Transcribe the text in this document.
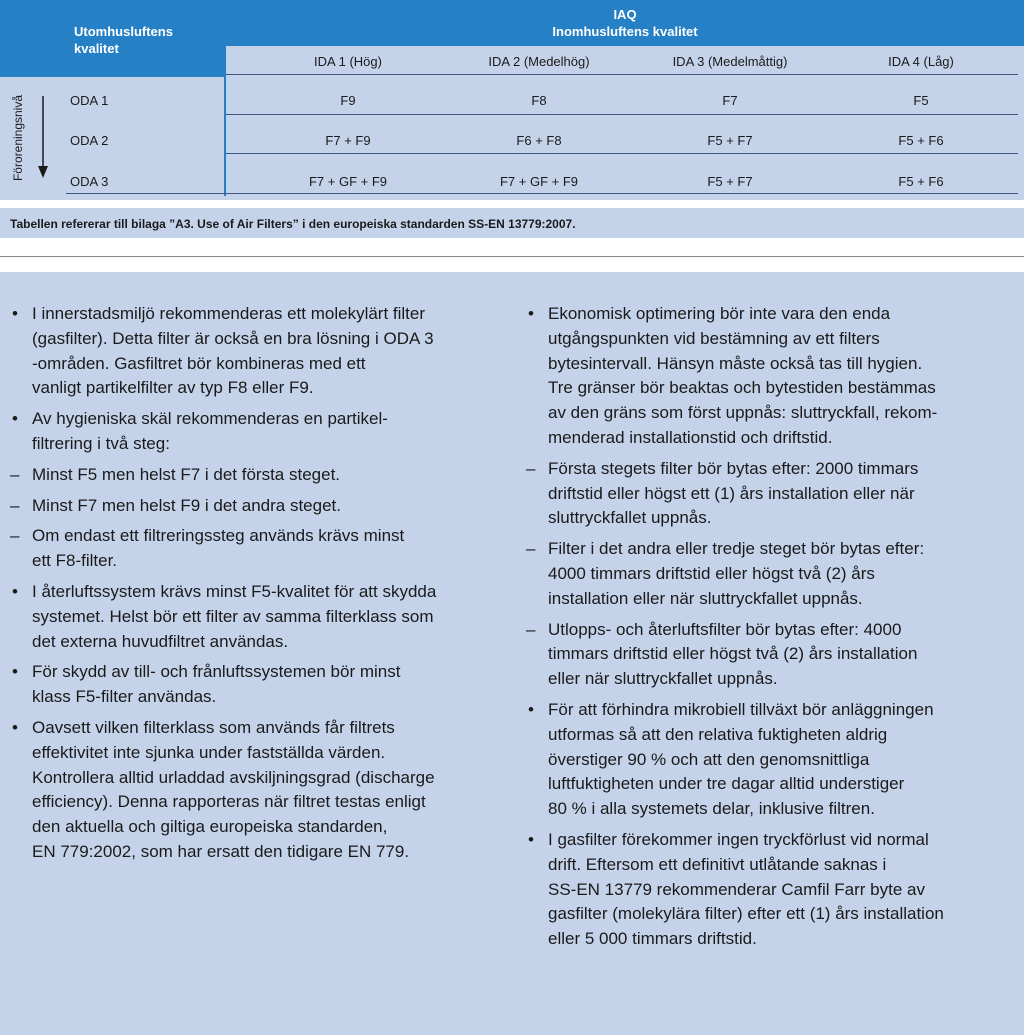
Utomhusluftens
kvalitet
IAQ
Inomhusluftens kvalitet
IDA 1 (Hög)	IDA 2 (Medelhög)	IDA 3 (Medelmåttig)	IDA 4 (Låg)
Föroreningsnivå	ODA 1	F9	F8	F7	F5
ODA 2	F7 + F9	F6 + F8	F5 + F7	F5 + F6
ODA 3	F7 + GF + F9	F7 + GF + F9	F5 + F7	F5 + F6
Tabellen refererar till bilaga ”A3. Use of Air Filters” i den europeiska standarden SS-EN 13779:2007.
• I innerstadsmiljö rekommenderas ett molekylärt filter
(gasfilter). Detta filter är också en bra lösning i ODA 3
-områden. Gasfiltret bör kombineras med ett
vanligt partikelfilter av typ F8 eller F9.
• Av hygieniska skäl rekommenderas en partikel-
filtrering i två steg:
– Minst F5 men helst F7 i det första steget.
– Minst F7 men helst F9 i det andra steget.
– Om endast ett filtreringssteg används krävs minst
ett F8-filter.
• I återluftssystem krävs minst F5-kvalitet för att skydda
systemet. Helst bör ett filter av samma filterklass som
det externa huvudfiltret användas.
• För skydd av till- och frånluftssystemen bör minst
klass F5-filter användas.
• Oavsett vilken filterklass som används får filtrets
effektivitet inte sjunka under fastställda värden.
Kontrollera alltid urladdad avskiljningsgrad (discharge
efficiency). Denna rapporteras när filtret testas enligt
den aktuella och giltiga europeiska standarden,
EN 779:2002, som har ersatt den tidigare EN 779.
• Ekonomisk optimering bör inte vara den enda
utgångspunkten vid bestämning av ett filters
bytesintervall. Hänsyn måste också tas till hygien.
Tre gränser bör beaktas och bytestiden bestämmas
av den gräns som först uppnås: sluttryckfall, rekom-
menderad installationstid och driftstid.
– Första stegets filter bör bytas efter: 2000 timmars
driftstid eller högst ett (1) års installation eller när
sluttryckfallet uppnås.
– Filter i det andra eller tredje steget bör bytas efter:
4000 timmars driftstid eller högst två (2) års
installation eller när sluttryckfallet uppnås.
– Utlopps- och återluftsfilter bör bytas efter: 4000
timmars driftstid eller högst två (2) års installation
eller när sluttryckfallet uppnås.
• För att förhindra mikrobiell tillväxt bör anläggningen
utformas så att den relativa fuktigheten aldrig
överstiger 90 % och att den genomsnittliga
luftfuktigheten under tre dagar alltid understiger
80 % i alla systemets delar, inklusive filtren.
• I gasfilter förekommer ingen tryckförlust vid normal
drift. Eftersom ett definitivt utlåtande saknas i
SS-EN 13779 rekommenderar Camfil Farr byte av
gasfilter (molekylära filter) efter ett (1) års installation
eller 5 000 timmars driftstid.
